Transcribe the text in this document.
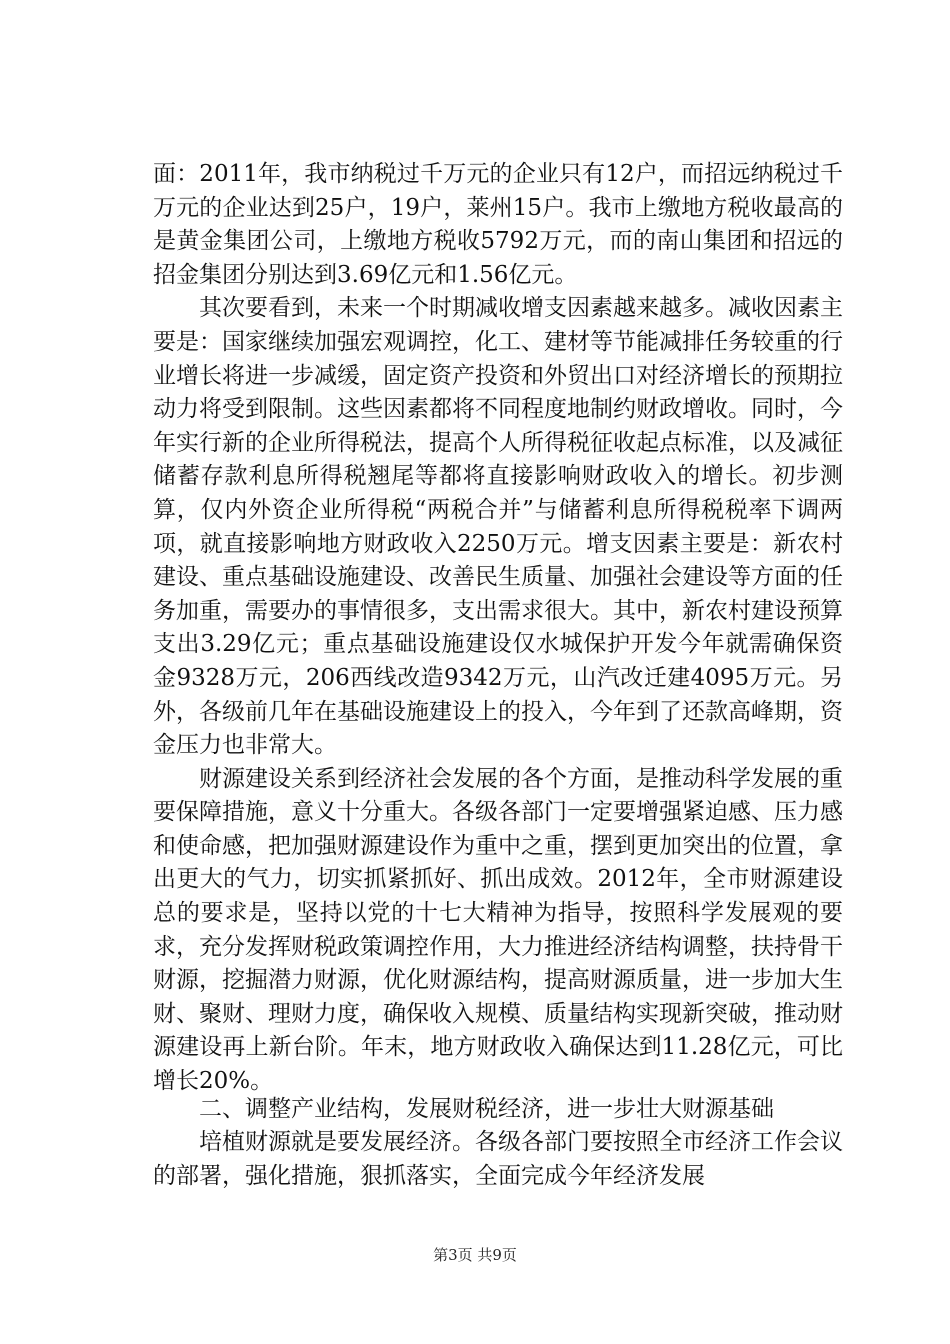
面：2011年，我市纳税过千万元的企业只有12户，而招远纳税过千万元的企业达到25户，19户，莱州15户。我市上缴地方税收最高的是黄金集团公司，上缴地方税收5792万元，而的南山集团和招远的招金集团分别达到3.69亿元和1.56亿元。

其次要看到，未来一个时期减收增支因素越来越多。减收因素主要是：国家继续加强宏观调控，化工、建材等节能减排任务较重的行业增长将进一步减缓，固定资产投资和外贸出口对经济增长的预期拉动力将受到限制。这些因素都将不同程度地制约财政增收。同时，今年实行新的企业所得税法，提高个人所得税征收起点标准，以及减征储蓄存款利息所得税翘尾等都将直接影响财政收入的增长。初步测算，仅内外资企业所得税“两税合并”与储蓄利息所得税税率下调两项，就直接影响地方财政收入2250万元。增支因素主要是：新农村建设、重点基础设施建设、改善民生质量、加强社会建设等方面的任务加重，需要办的事情很多，支出需求很大。其中，新农村建设预算支出3.29亿元；重点基础设施建设仅水城保护开发今年就需确保资金9328万元，206西线改造9342万元，山汽改迁建4095万元。另外，各级前几年在基础设施建设上的投入，今年到了还款高峰期，资金压力也非常大。

财源建设关系到经济社会发展的各个方面，是推动科学发展的重要保障措施，意义十分重大。各级各部门一定要增强紧迫感、压力感和使命感，把加强财源建设作为重中之重，摆到更加突出的位置，拿出更大的气力，切实抓紧抓好、抓出成效。2012年，全市财源建设总的要求是，坚持以党的十七大精神为指导，按照科学发展观的要求，充分发挥财税政策调控作用，大力推进经济结构调整，扶持骨干财源，挖掘潜力财源，优化财源结构，提高财源质量，进一步加大生财、聚财、理财力度，确保收入规模、质量结构实现新突破，推动财源建设再上新台阶。年末，地方财政收入确保达到11.28亿元，可比增长20%。

二、调整产业结构，发展财税经济，进一步壮大财源基础

培植财源就是要发展经济。各级各部门要按照全市经济工作会议的部署，强化措施，狠抓落实，全面完成今年经济发展

第3页 共9页
